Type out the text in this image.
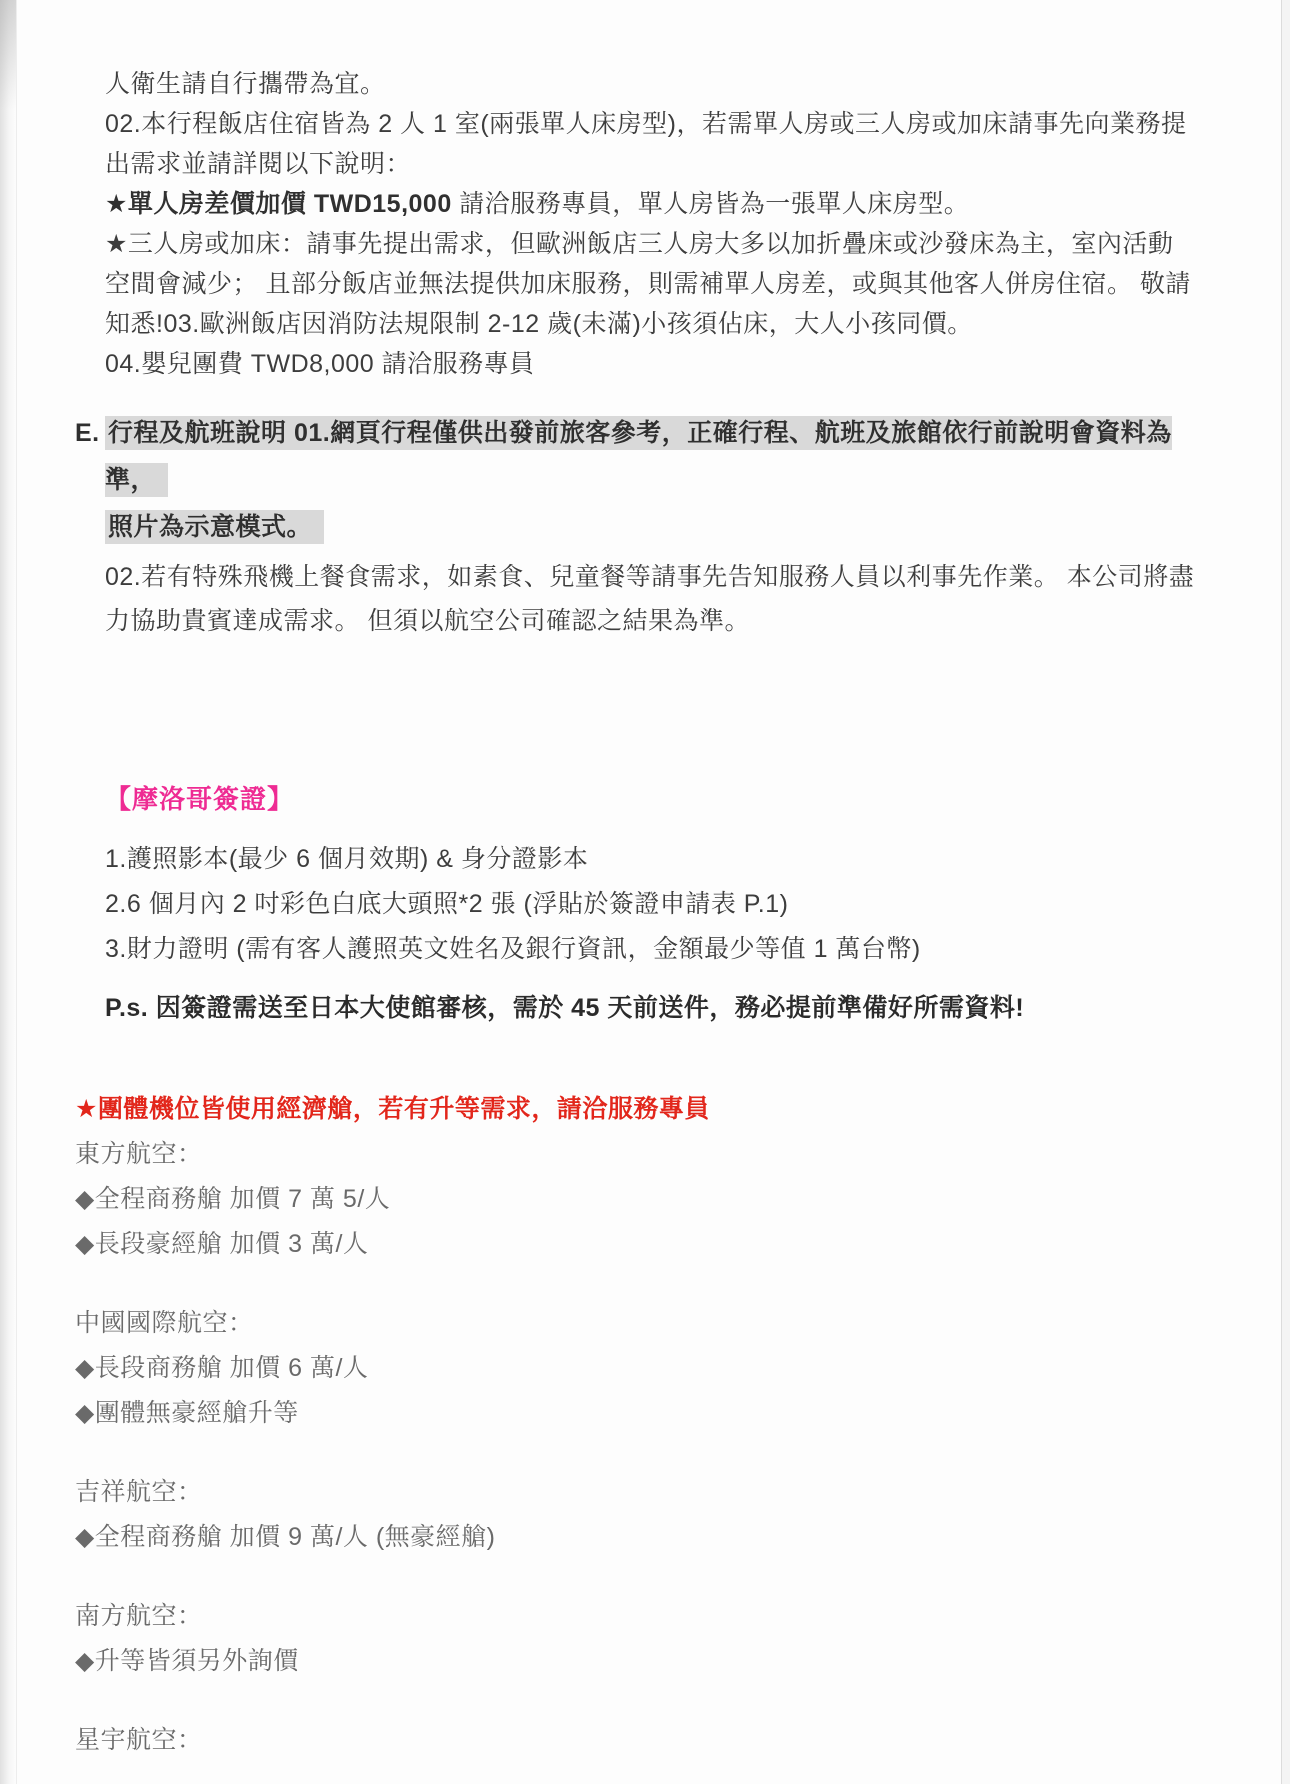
人衛生請自行攜帶為宜。

02.本行程飯店住宿皆為 2 人 1 室(兩張單人床房型)，若需單人房或三人房或加床請事先向業務提出需求並請詳閱以下說明：

★單人房差價加價 TWD15,000 請洽服務專員，單人房皆為一張單人床房型。

★三人房或加床：請事先提出需求，但歐洲飯店三人房大多以加折疊床或沙發床為主，室內活動空間會減少； 且部分飯店並無法提供加床服務，則需補單人房差，或與其他客人併房住宿。 敬請知悉!03.歐洲飯店因消防法規限制 2-12 歲(未滿)小孩須佔床，大人小孩同價。

04.嬰兒團費 TWD8,000 請洽服務專員

E. 行程及航班說明 01.網頁行程僅供出發前旅客參考，正確行程、航班及旅館依行前說明會資料為準，
照片為示意模式。

02.若有特殊飛機上餐食需求，如素食、兒童餐等請事先告知服務人員以利事先作業。 本公司將盡力協助貴賓達成需求。 但須以航空公司確認之結果為準。

【摩洛哥簽證】

1.護照影本(最少 6 個月效期) & 身分證影本

2.6 個月內 2 吋彩色白底大頭照*2 張 (浮貼於簽證申請表 P.1)

3.財力證明 (需有客人護照英文姓名及銀行資訊，金額最少等值 1 萬台幣)

P.s. 因簽證需送至日本大使館審核，需於 45 天前送件，務必提前準備好所需資料!

★團體機位皆使用經濟艙，若有升等需求，請洽服務專員

東方航空：

◆全程商務艙 加價 7 萬 5/人

◆長段豪經艙 加價 3 萬/人

中國國際航空：

◆長段商務艙 加價 6 萬/人

◆團體無豪經艙升等

吉祥航空：

◆全程商務艙 加價 9 萬/人 (無豪經艙)

南方航空：

◆升等皆須另外詢價

星宇航空：
